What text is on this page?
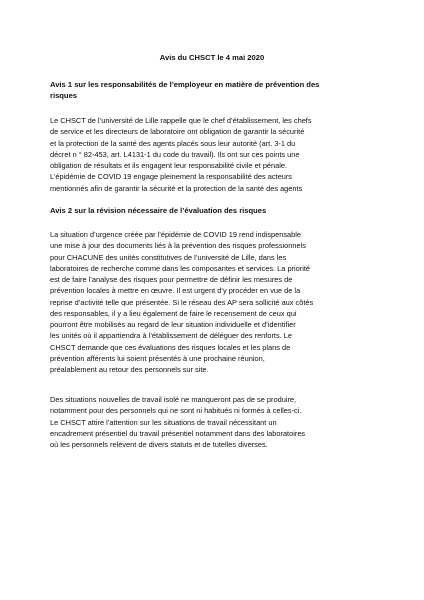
Avis du CHSCT le 4 mai 2020
Avis 1 sur les responsabilités de l’employeur en matière de prévention des
risques
Le CHSCT de l’université de Lille rappelle que le chef d’établissement, les chefs
de service et les directeurs de laboratoire ont obligation de garantir la sécurité
et la protection de la santé des agents placés sous leur autorité (art. 3-1 du
décret n ° 82-453, art. L4131-1 du code du travail). Ils ont sur ces points une
obligation de résultats et ils engagent leur responsabilité civile et pénale.
L’épidémie de COVID 19 engage pleinement la responsabilité des acteurs
mentionnés afin de garantir la sécurité et la protection de la santé des agents
Avis 2 sur la révision nécessaire de l’évaluation des risques
La situation d’urgence créée par l’épidémie de COVID 19 rend indispensable
une mise à jour des documents liés à la prévention des risques professionnels
pour CHACUNE des unités constitutives de l’université de Lille, dans les
laboratoires de recherche comme dans les composantes et services. La priorité
est de faire l’analyse des risques pour permettre de définir les mesures de
prévention locales à mettre en œuvre. Il est urgent d’y procéder en vue de la
reprise d’activité telle que présentée. Si le réseau des AP sera sollicité aux côtés
des responsables, il y a lieu également de faire le recensement de ceux qui
pourront être mobilisés au regard de leur situation individuelle et d’identifier
les unités où il appartiendra à l’établissement de déléguer des renforts. Le
CHSCT demande que ces évaluations des risques locales et les plans de
prévention afférents lui soient présentés à une prochaine réunion,
préalablement au retour des personnels sur site.
Des situations nouvelles de travail isolé ne manqueront pas de se produire,
notamment pour des personnels qui ne sont ni habitués ni formés à celles-ci.
Le CHSCT attire l’attention sur les situations de travail nécessitant un
encadrement présentiel du travail présentiel notamment dans des laboratoires
où les personnels relèvent de divers statuts et de tutelles diverses.
